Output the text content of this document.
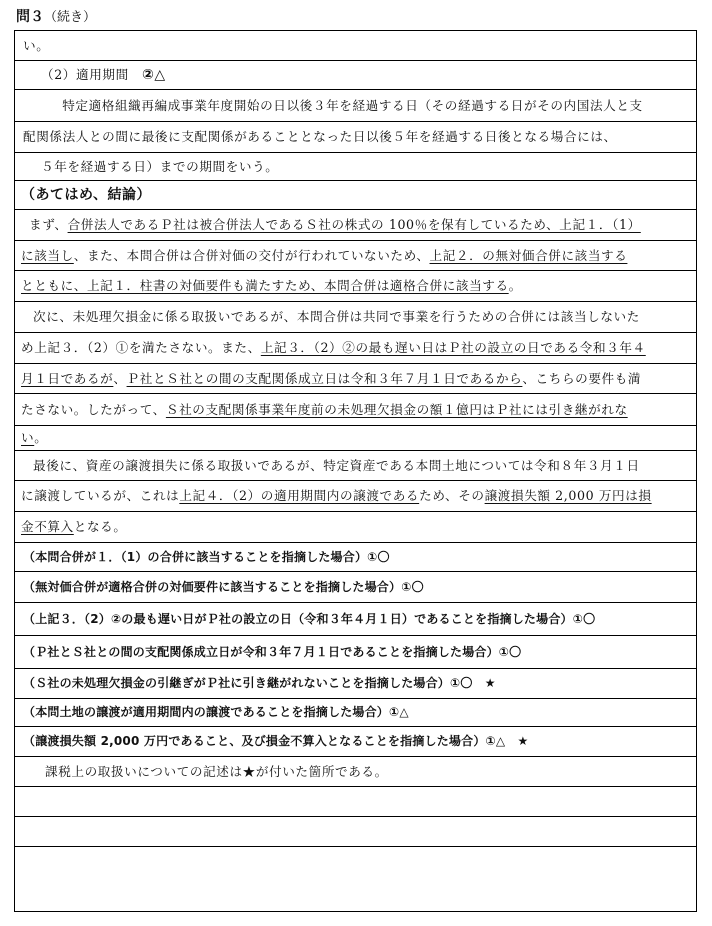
問３（続き）
い。
（2）適用期間　②△
　特定適格組織再編成事業年度開始の日以後３年を経過する日（その経過する日がその内国法人と支
配関係法人との間に最後に支配関係があることとなった日以後５年を経過する日後となる場合には、
５年を経過する日）までの期間をいう。
（あてはめ、結論）
まず、合併法人であるＰ社は被合併法人であるＳ社の株式の 100％を保有しているため、上記１．（1）
に該当し、また、本問合併は合併対価の交付が行われていないため、上記２．の無対価合併に該当する
とともに、上記１．柱書の対価要件も満たすため、本問合併は適格合併に該当する。
次に、未処理欠損金に係る取扱いであるが、本問合併は共同で事業を行うための合併には該当しないた
め上記３．（2）①を満たさない。また、上記３．（2）②の最も遅い日はＰ社の設立の日である令和３年４
月１日であるが、Ｐ社とＳ社との間の支配関係成立日は令和３年７月１日であるから、こちらの要件も満
たさない。したがって、Ｓ社の支配関係事業年度前の未処理欠損金の額１億円はＰ社には引き継がれな
い。
最後に、資産の譲渡損失に係る取扱いであるが、特定資産である本問土地については令和８年３月１日
に譲渡しているが、これは上記４．（2）の適用期間内の譲渡であるため、その譲渡損失額 2,000 万円は損
金不算入となる。
（本問合併が１．（1）の合併に該当することを指摘した場合）①〇
（無対価合併が適格合併の対価要件に該当することを指摘した場合）①〇
（上記３．（2）②の最も遅い日がＰ社の設立の日（令和３年４月１日）であることを指摘した場合）①〇
（Ｐ社とＳ社との間の支配関係成立日が令和３年７月１日であることを指摘した場合）①〇
（Ｓ社の未処理欠損金の引継ぎがＰ社に引き継がれないことを指摘した場合）①〇　★
（本問土地の譲渡が適用期間内の譲渡であることを指摘した場合）①△
（譲渡損失額 2,000 万円であること、及び損金不算入となることを指摘した場合）①△　★
課税上の取扱いについての記述は★が付いた箇所である。
